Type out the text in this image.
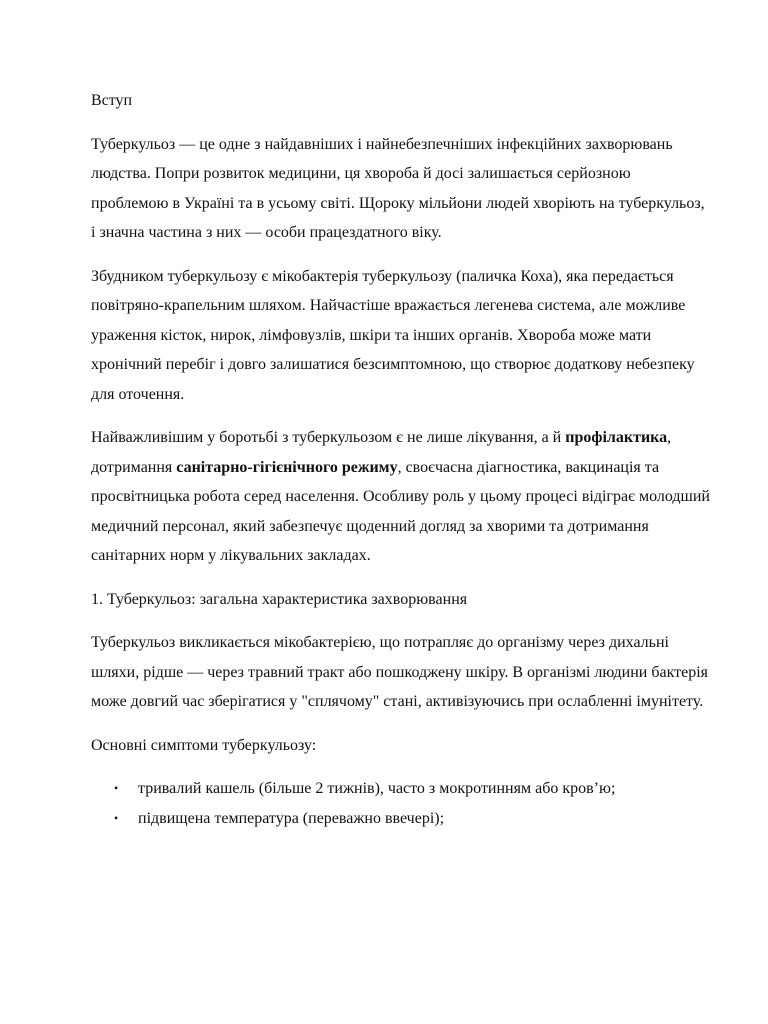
Вступ

Туберкульоз — це одне з найдавніших і найнебезпечніших інфекційних захворювань людства. Попри розвиток медицини, ця хвороба й досі залишається серйозною проблемою в Україні та в усьому світі. Щороку мільйони людей хворіють на туберкульоз, і значна частина з них — особи працездатного віку.

Збудником туберкульозу є мікобактерія туберкульозу (паличка Коха), яка передається повітряно-крапельним шляхом. Найчастіше вражається легенева система, але можливе ураження кісток, нирок, лімфовузлів, шкіри та інших органів. Хвороба може мати хронічний перебіг і довго залишатися безсимптомною, що створює додаткову небезпеку для оточення.

Найважливішим у боротьбі з туберкульозом є не лише лікування, а й профілактика, дотримання санітарно-гігієнічного режиму, своєчасна діагностика, вакцинація та просвітницька робота серед населення. Особливу роль у цьому процесі відіграє молодший медичний персонал, який забезпечує щоденний догляд за хворими та дотримання санітарних норм у лікувальних закладах.

1. Туберкульоз: загальна характеристика захворювання

Туберкульоз викликається мікобактерією, що потрапляє до організму через дихальні шляхи, рідше — через травний тракт або пошкоджену шкіру. В організмі людини бактерія може довгий час зберігатися у "сплячому" стані, активізуючись при ослабленні імунітету.

Основні симптоми туберкульозу:

• тривалий кашель (більше 2 тижнів), часто з мокротинням або кров’ю;
• підвищена температура (переважно ввечері);
